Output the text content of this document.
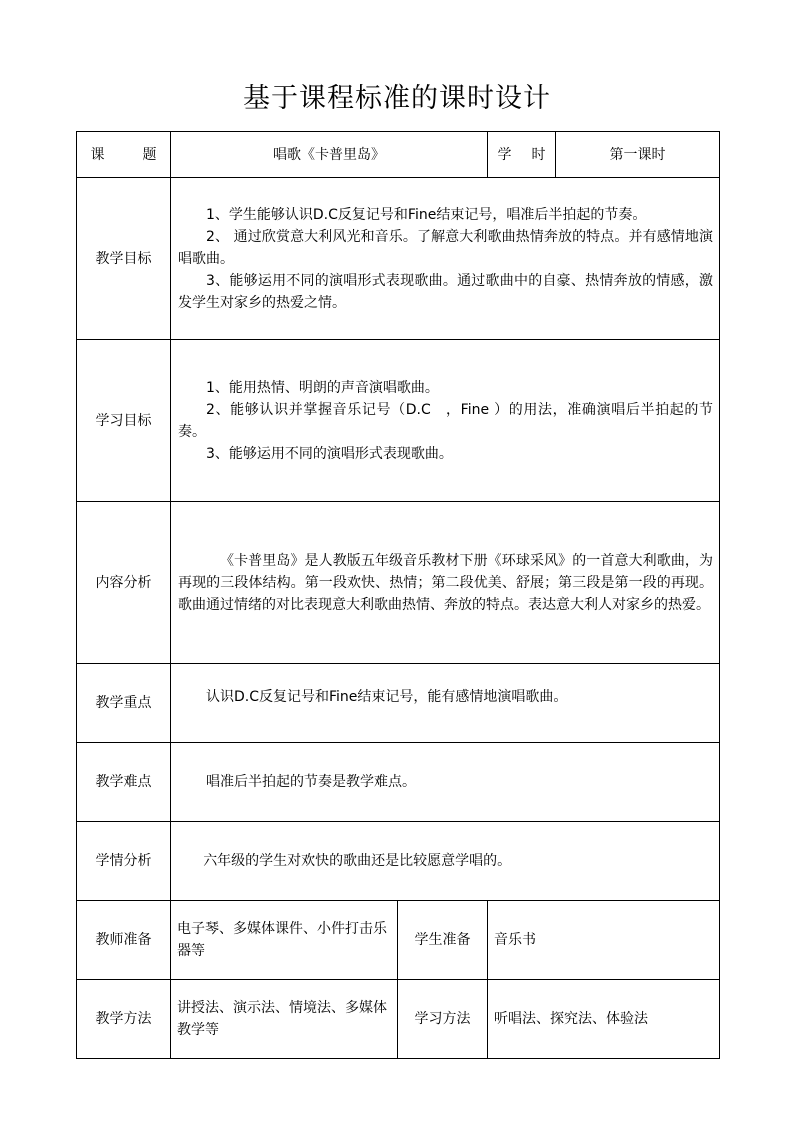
基于课程标准的课时设计
课 题	唱歌《卡普里岛》		学 时	第一课时
教学目标	1、学生能够认识D.C反复记号和Fine结束记号，唱准后半拍起的节奏。

2、 通过欣赏意大利风光和音乐。了解意大利歌曲热情奔放的特点。并有感情地演唱歌曲。

3、能够运用不同的演唱形式表现歌曲。通过歌曲中的自豪、热情奔放的情感，激发学生对家乡的热爱之情。			

学习目标	1、能用热情、明朗的声音演唱歌曲。

2、能够认识并掌握音乐记号（D.C　，Fine ）的用法，准确演唱后半拍起的节奏。

3、能够运用不同的演唱形式表现歌曲。			

内容分析	《卡普里岛》是人教版五年级音乐教材下册《环球采风》的一首意大利歌曲，为再现的三段体结构。第一段欢快、热情；第二段优美、舒展；第三段是第一段的再现。歌曲通过情绪的对比表现意大利歌曲热情、奔放的特点。表达意大利人对家乡的热爱。			

教学重点	认识D.C反复记号和Fine结束记号，能有感情地演唱歌曲。			

教学难点	唱准后半拍起的节奏是教学难点。			

学情分析	六年级的学生对欢快的歌曲还是比较愿意学唱的。			

教师准备	电子琴、多媒体课件、小件打击乐器等	学生准备	音乐书	
教学方法	讲授法、演示法、情境法、多媒体教学等	学习方法	听唱法、探究法、体验法	
